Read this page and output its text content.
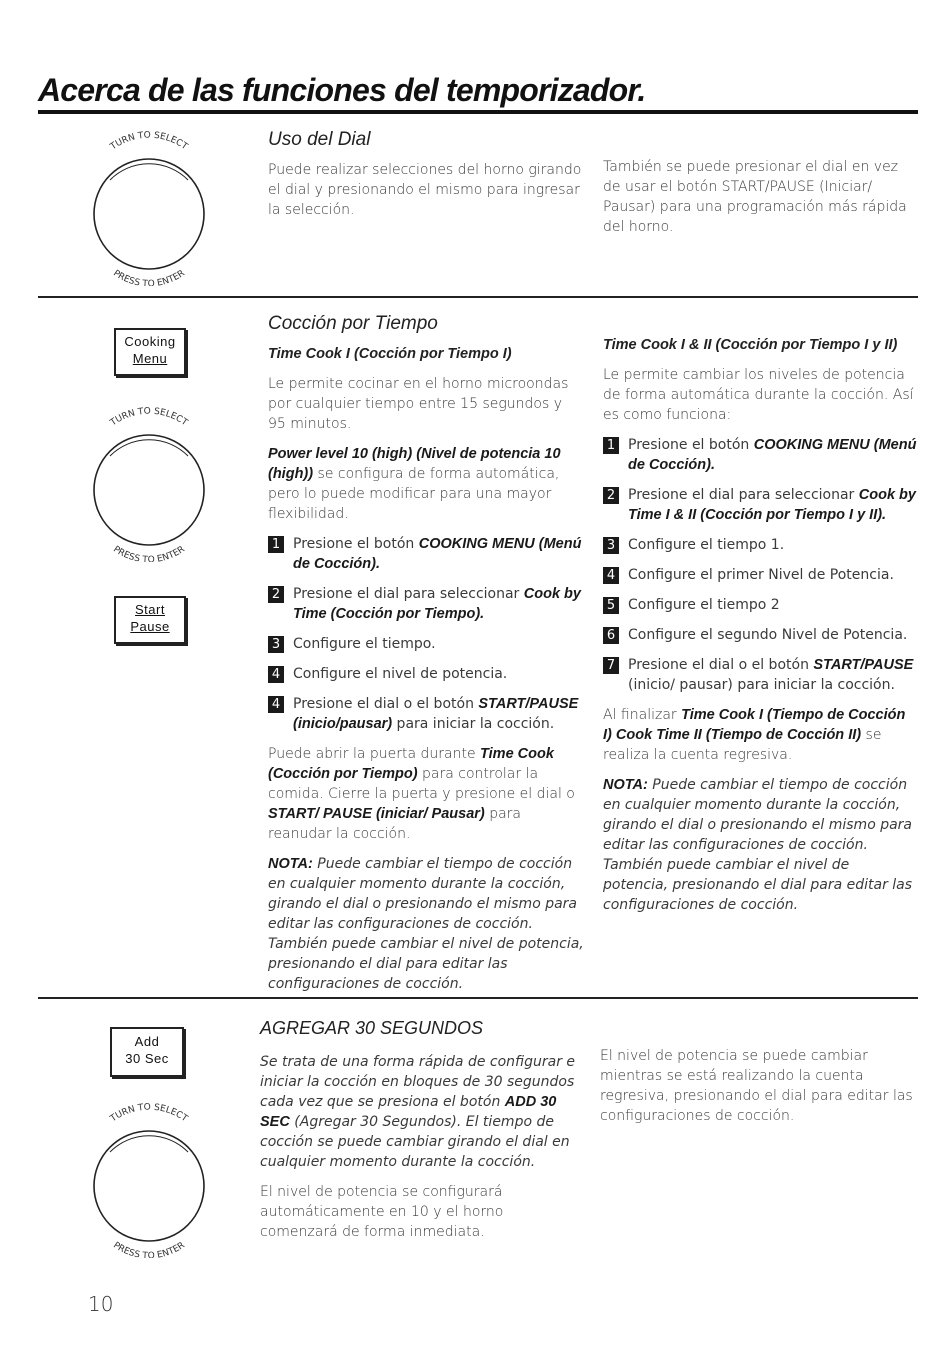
Acerca de las funciones del temporizador.
TURN TO SELECT
PRESS TO ENTER
Uso del Dial

Puede realizar selecciones del horno girando el dial y presionando el mismo para ingresar la selección.

También se puede presionar el dial en vez de usar el botón START/PAUSE (Iniciar/ Pausar) para una programación más rápida del horno.

Cooking
Menu
TURN TO SELECT
PRESS TO ENTER
Start
Pause
Cocción por Tiempo
Time Cook I (Cocción por Tiempo I)

Le permite cocinar en el horno microondas por cualquier tiempo entre 15 segundos y 95 minutos.

Power level 10 (high) (Nivel de potencia 10 (high)) se configura de forma automática, pero lo puede modificar para una mayor flexibilidad.

1 Presione el botón COOKING MENU (Menú de Cocción).

2 Presione el dial para seleccionar Cook by Time (Cocción por Tiempo).

3 Configure el tiempo.

4 Configure el nivel de potencia.

4 Presione el dial o el botón START/PAUSE (inicio/pausar) para iniciar la cocción.

Puede abrir la puerta durante Time Cook (Cocción por Tiempo) para controlar la comida. Cierre la puerta y presione el dial o START/ PAUSE (iniciar/ Pausar) para reanudar la cocción.

NOTA: Puede cambiar el tiempo de cocción en cualquier momento durante la cocción, girando el dial o presionando el mismo para editar las configuraciones de cocción. También puede cambiar el nivel de potencia, presionando el dial para editar las configuraciones de cocción.

Time Cook I & II (Cocción por Tiempo I y II)

Le permite cambiar los niveles de potencia de forma automática durante la cocción. Así es como funciona:

1 Presione el botón COOKING MENU (Menú de Cocción).

2 Presione el dial para seleccionar Cook by Time I & II (Cocción por Tiempo I y II).

3 Configure el tiempo 1.

4 Configure el primer Nivel de Potencia.

5 Configure el tiempo 2

6 Configure el segundo Nivel de Potencia.

7 Presione el dial o el botón START/PAUSE (inicio/ pausar) para iniciar la cocción.

Al finalizar Time Cook I (Tiempo de Cocción I) Cook Time II (Tiempo de Cocción II) se realiza la cuenta regresiva.

NOTA: Puede cambiar el tiempo de cocción en cualquier momento durante la cocción, girando el dial o presionando el mismo para editar las configuraciones de cocción. También puede cambiar el nivel de potencia, presionando el dial para editar las configuraciones de cocción.

Add
30 Sec
TURN TO SELECT
PRESS TO ENTER
AGREGAR 30 SEGUNDOS

Se trata de una forma rápida de configurar e iniciar la cocción en bloques de 30 segundos cada vez que se presiona el botón ADD 30 SEC (Agregar 30 Segundos). El tiempo de cocción se puede cambiar girando el dial en cualquier momento durante la cocción.

El nivel de potencia se configurará automáticamente en 10 y el horno comenzará de forma inmediata.

El nivel de potencia se puede cambiar mientras se está realizando la cuenta regresiva, presionando el dial para editar las configuraciones de cocción.

10
